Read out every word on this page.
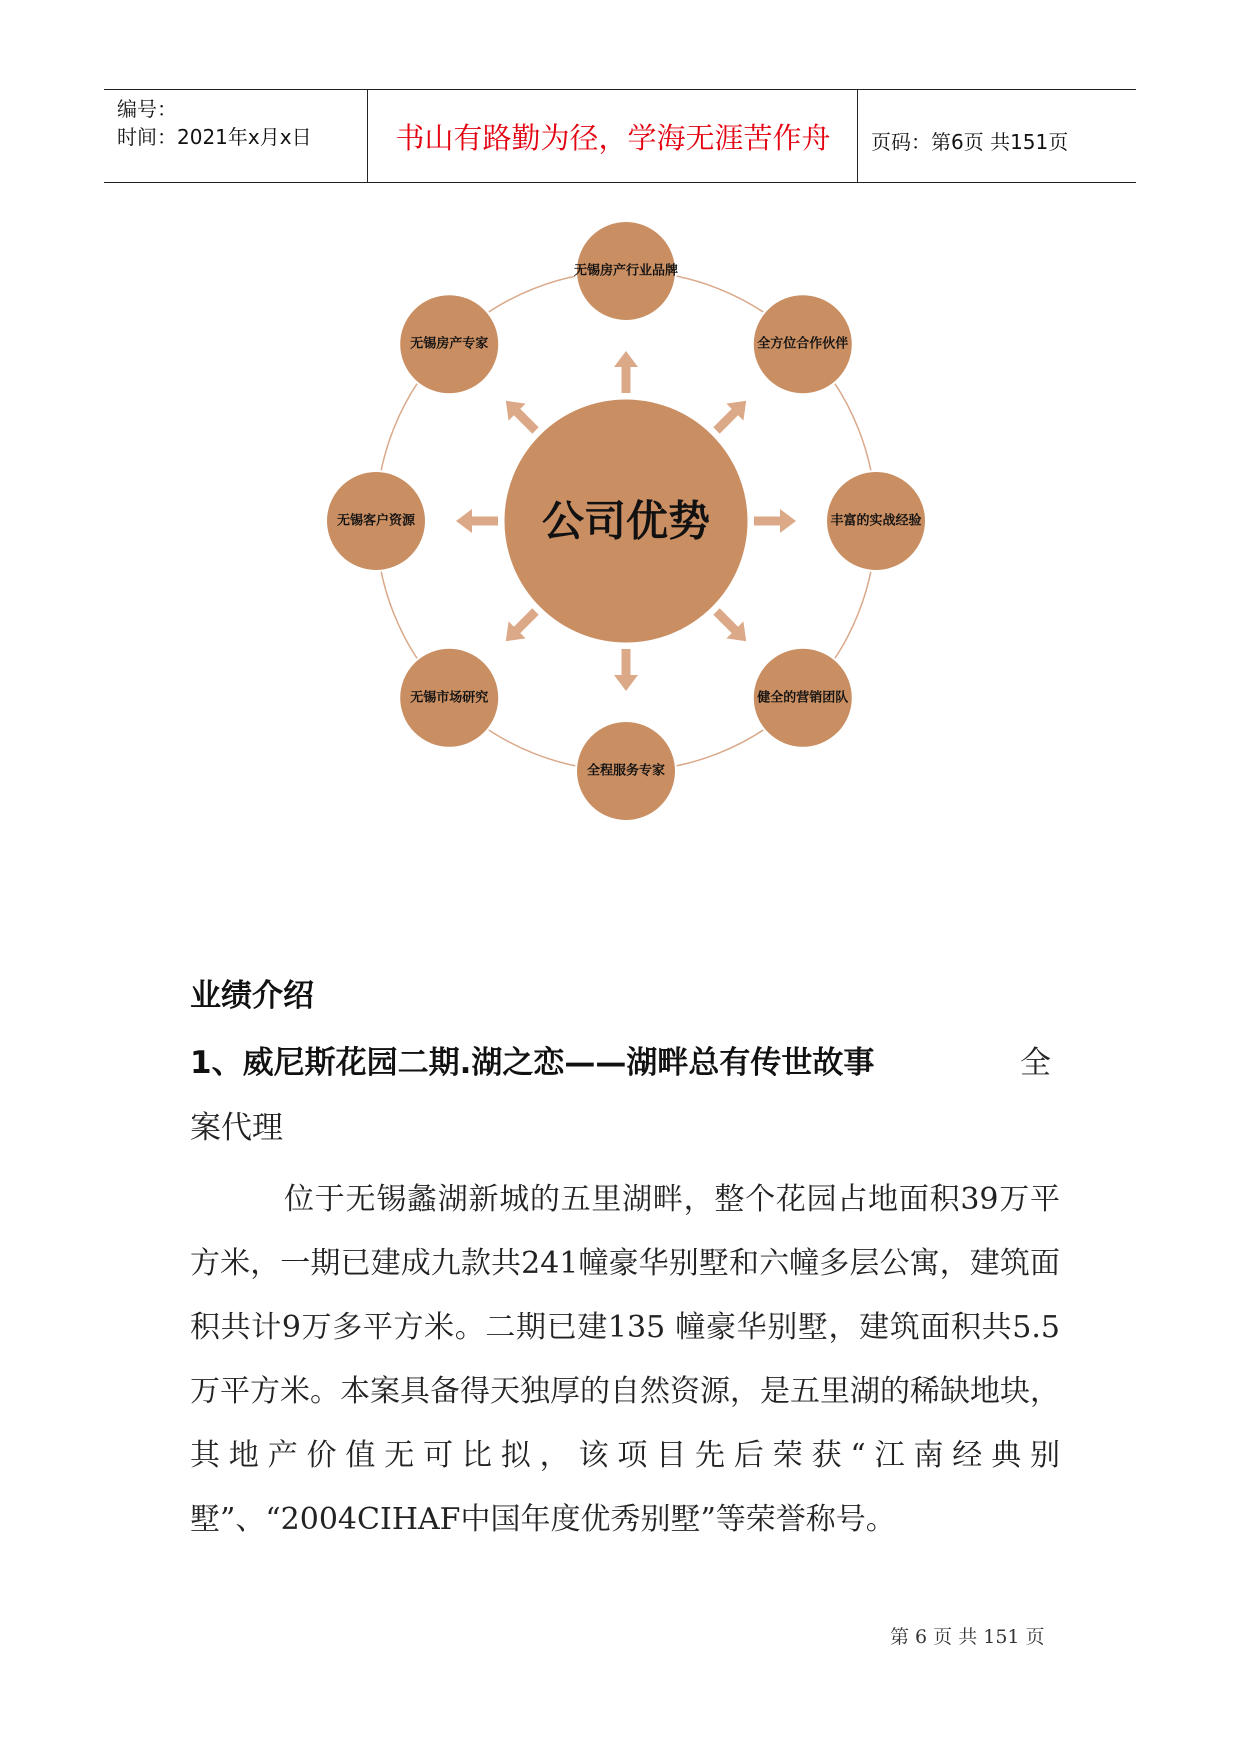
编号：
时间：2021年x月x日	书山有路勤为径，学海无涯苦作舟	页码：第6页 共151页
公司优势
无锡房产行业品牌
全方位合作伙伴
丰富的实战经验
健全的营销团队
全程服务专家
无锡市场研究
无锡客户资源
无锡房产专家
业绩介绍
1、威尼斯花园二期.湖之恋——湖畔总有传世故事	全
案代理
位于无锡蠡湖新城的五里湖畔，整个花园占地面积39万平方米，一期已建成九款共241幢豪华别墅和六幢多层公寓，建筑面积共计9万多平方米。二期已建135 幢豪华别墅，建筑面积共5.5万平方米。本案具备得天独厚的自然资源，是五里湖的稀缺地块，其地产价值无可比拟，该项目先后荣获“江南经典别墅”、“2004CIHAF中国年度优秀别墅”等荣誉称号。
第 6 页 共 151 页
